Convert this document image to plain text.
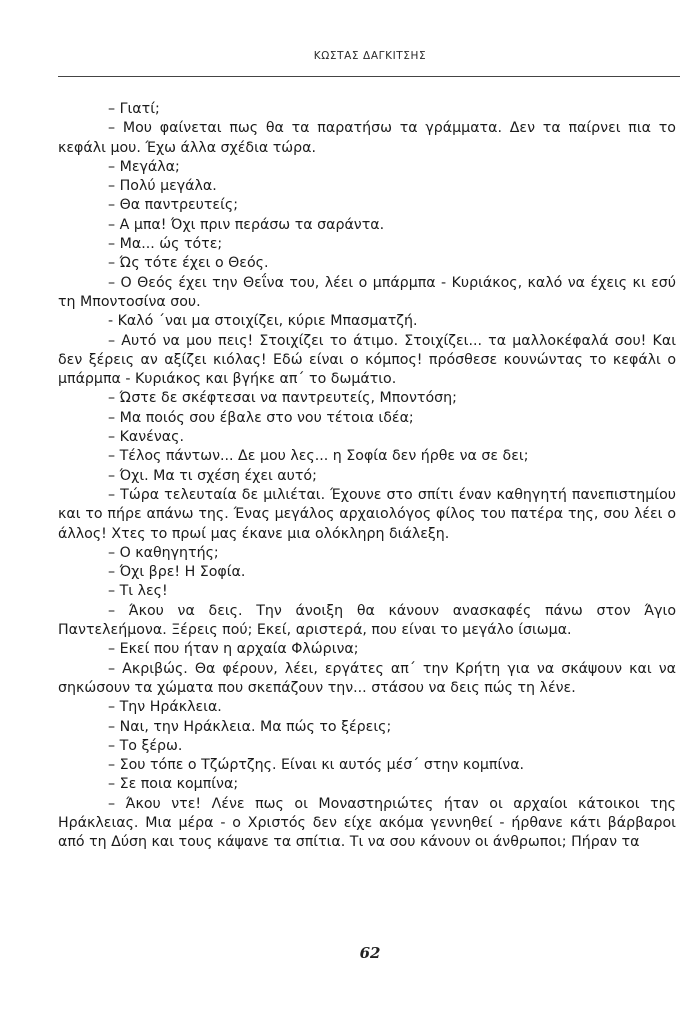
ΚΩΣΤΑΣ ΔΑΓΚΙΤΣΗΣ

– Γιατί;

– Μου φαίνεται πως θα τα παρατήσω τα γράμματα. Δεν τα παίρνει πια το κεφάλι μου. Έχω άλλα σχέδια τώρα.

– Μεγάλα;

– Πολύ μεγάλα.

– Θα παντρευτείς;

– Α μπα! Όχι πριν περάσω τα σαράντα.

– Μα... ώς τότε;

– Ώς τότε έχει ο Θεός.

– Ο Θεός έχει την Θεΐνα του, λέει ο μπάρμπα - Κυριάκος, καλό να έχεις κι εσύ τη Μποντοσίνα σου.

- Καλό ΄ναι μα στοιχίζει, κύριε Μπασματζή.

– Αυτό να μου πεις! Στοιχίζει το άτιμο. Στοιχίζει... τα μαλλοκέφαλά σου! Και δεν ξέρεις αν αξίζει κιόλας! Εδώ είναι ο κόμπος! πρόσθεσε κουνώντας το κεφάλι ο μπάρμπα - Κυριάκος και βγήκε απ΄ το δωμάτιο.

– Ώστε δε σκέφτεσαι να παντρευτείς, Μποντόση;

– Μα ποιός σου έβαλε στο νου τέτοια ιδέα;

– Κανένας.

– Τέλος πάντων... Δε μου λες... η Σοφία δεν ήρθε να σε δει;

– Όχι. Μα τι σχέση έχει αυτό;

– Τώρα τελευταία δε μιλιέται. Έχουνε στο σπίτι έναν καθηγητή πανεπιστημίου και το πήρε απάνω της. Ένας μεγάλος αρχαιολόγος φίλος του πατέρα της, σου λέει ο άλλος! Χτες το πρωί μας έκανε μια ολόκληρη διάλεξη.

– Ο καθηγητής;

– Όχι βρε! Η Σοφία.

– Τι λες!

– Άκου να δεις. Την άνοιξη θα κάνουν ανασκαφές πάνω στον Άγιο Παντελεήμονα. Ξέρεις πού; Εκεί, αριστερά, που είναι το μεγάλο ίσιωμα.

– Εκεί που ήταν η αρχαία Φλώρινα;

– Ακριβώς. Θα φέρουν, λέει, εργάτες απ΄ την Κρήτη για να σκάψουν και να σηκώσουν τα χώματα που σκεπάζουν την... στάσου να δεις πώς τη λένε.

– Την Ηράκλεια.

– Ναι, την Ηράκλεια. Μα πώς το ξέρεις;

– Το ξέρω.

– Σου τόπε ο Τζώρτζης. Είναι κι αυτός μέσ΄ στην κομπίνα.

– Σε ποια κομπίνα;

– Άκου ντε! Λένε πως οι Μοναστηριώτες ήταν οι αρχαίοι κάτοικοι της Ηράκλειας. Μια μέρα - ο Χριστός δεν είχε ακόμα γεννηθεί - ήρθανε κάτι βάρβαροι από τη Δύση και τους κάψανε τα σπίτια. Τι να σου κάνουν οι άνθρωποι; Πήραν τα

62
